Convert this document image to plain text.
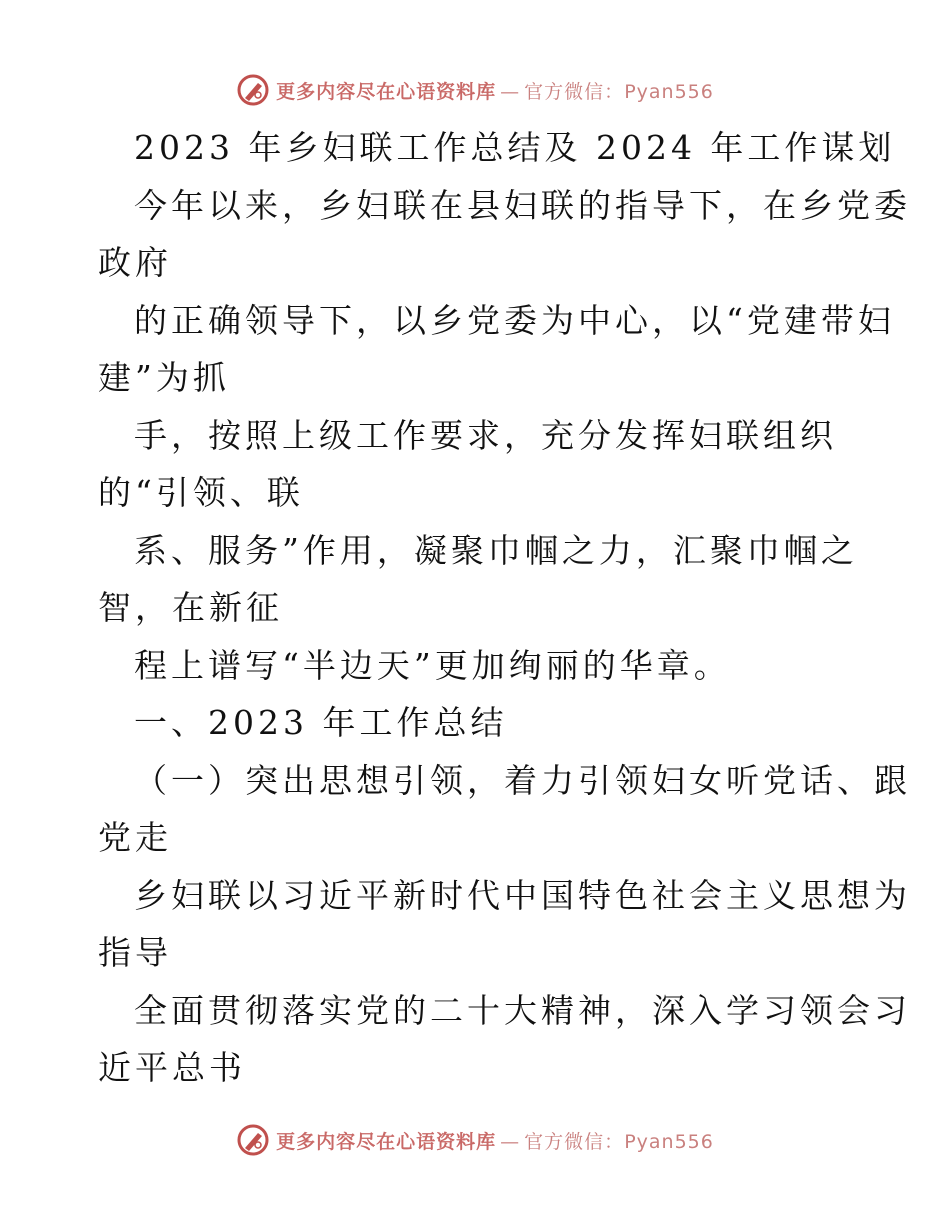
更多内容尽在心语资料库 — 官方微信：Pyan556
2023 年乡妇联工作总结及 2024 年工作谋划
今年以来，乡妇联在县妇联的指导下，在乡党委
政府
的正确领导下，以乡党委为中心，以“党建带妇
建”为抓
手，按照上级工作要求，充分发挥妇联组织
的“引领、联
系、服务”作用，凝聚巾帼之力，汇聚巾帼之
智，在新征
程上谱写“半边天”更加绚丽的华章。
一、2023 年工作总结
（一）突出思想引领，着力引领妇女听党话、跟
党走
乡妇联以习近平新时代中国特色社会主义思想为
指导
全面贯彻落实党的二十大精神，深入学习领会习
近平总书
更多内容尽在心语资料库 — 官方微信：Pyan556
